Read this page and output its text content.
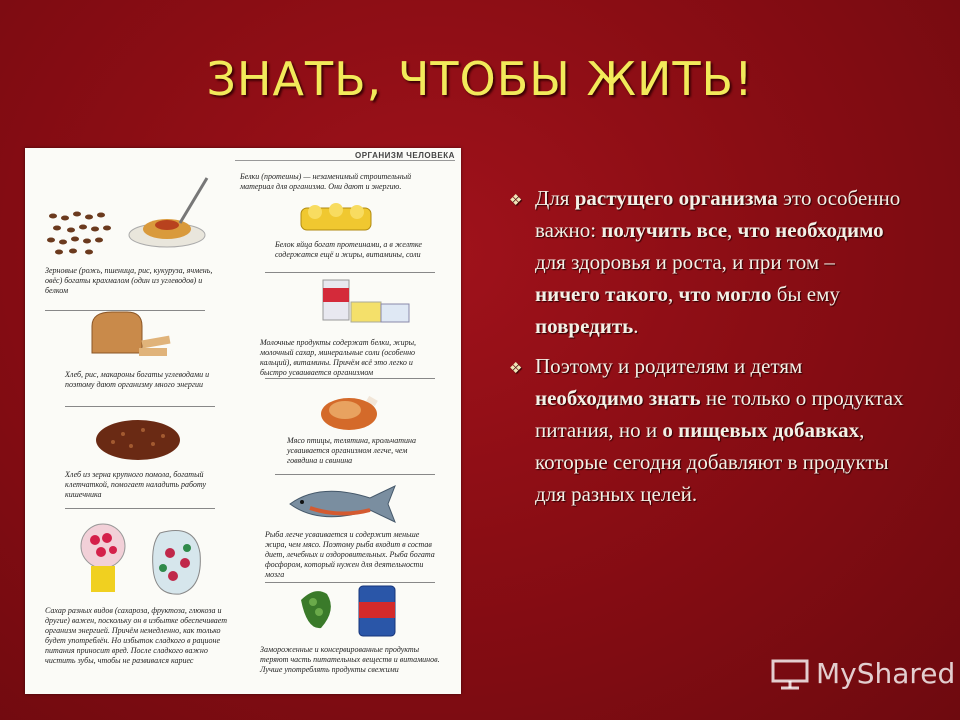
ЗНАТЬ, ЧТОБЫ ЖИТЬ!
ОРГАНИЗМ ЧЕЛОВЕКА
Зерновые (рожь, пшеница, рис, кукуруза, ячмень, овёс) богаты крахмалом (один из углеводов) и белком
Хлеб, рис, макароны богаты углеводами и поэтому дают организму много энергии
Хлеб из зерна крупного помола, богатый клетчаткой, помогает наладить работу кишечника
Сахар разных видов (сахароза, фруктоза, глюкоза и другие) важен, поскольку он в избытке обеспечивает организм энергией. Причём немедленно, как только будет употреблён. Но избыток сладкого в рационе питания приносит вред. После сладкого важно чистить зубы, чтобы не развивался кариес
Белки (протеины) — незаменимый строительный материал для организма. Они дают и энергию.
Белок яйца богат протеинами, а в желтке содержатся ещё и жиры, витамины, соли
Молочные продукты содержат белки, жиры, молочный сахар, минеральные соли (особенно кальций), витамины. Причём всё это легко и быстро усваивается организмом
Мясо птицы, телятина, крольчатина усваивается организмом легче, чем говядина и свинина
Рыба легче усваивается и содержит меньше жира, чем мясо. Поэтому рыба входит в состав диет, лечебных и оздоровительных. Рыба богата фосфором, который нужен для деятельности мозга
Замороженные и консервированные продукты теряют часть питательных веществ и витаминов. Лучше употреблять продукты свежими
❖ Для растущего организма это особенно важно: получить все, что необходимо для здоровья и роста, и при том – ничего такого, что могло бы ему повредить.
❖ Поэтому и родителям и детям необходимо знать не только о продуктах питания, но и о пищевых добавках, которые сегодня добавляют в продукты для разных целей.
MyShared
